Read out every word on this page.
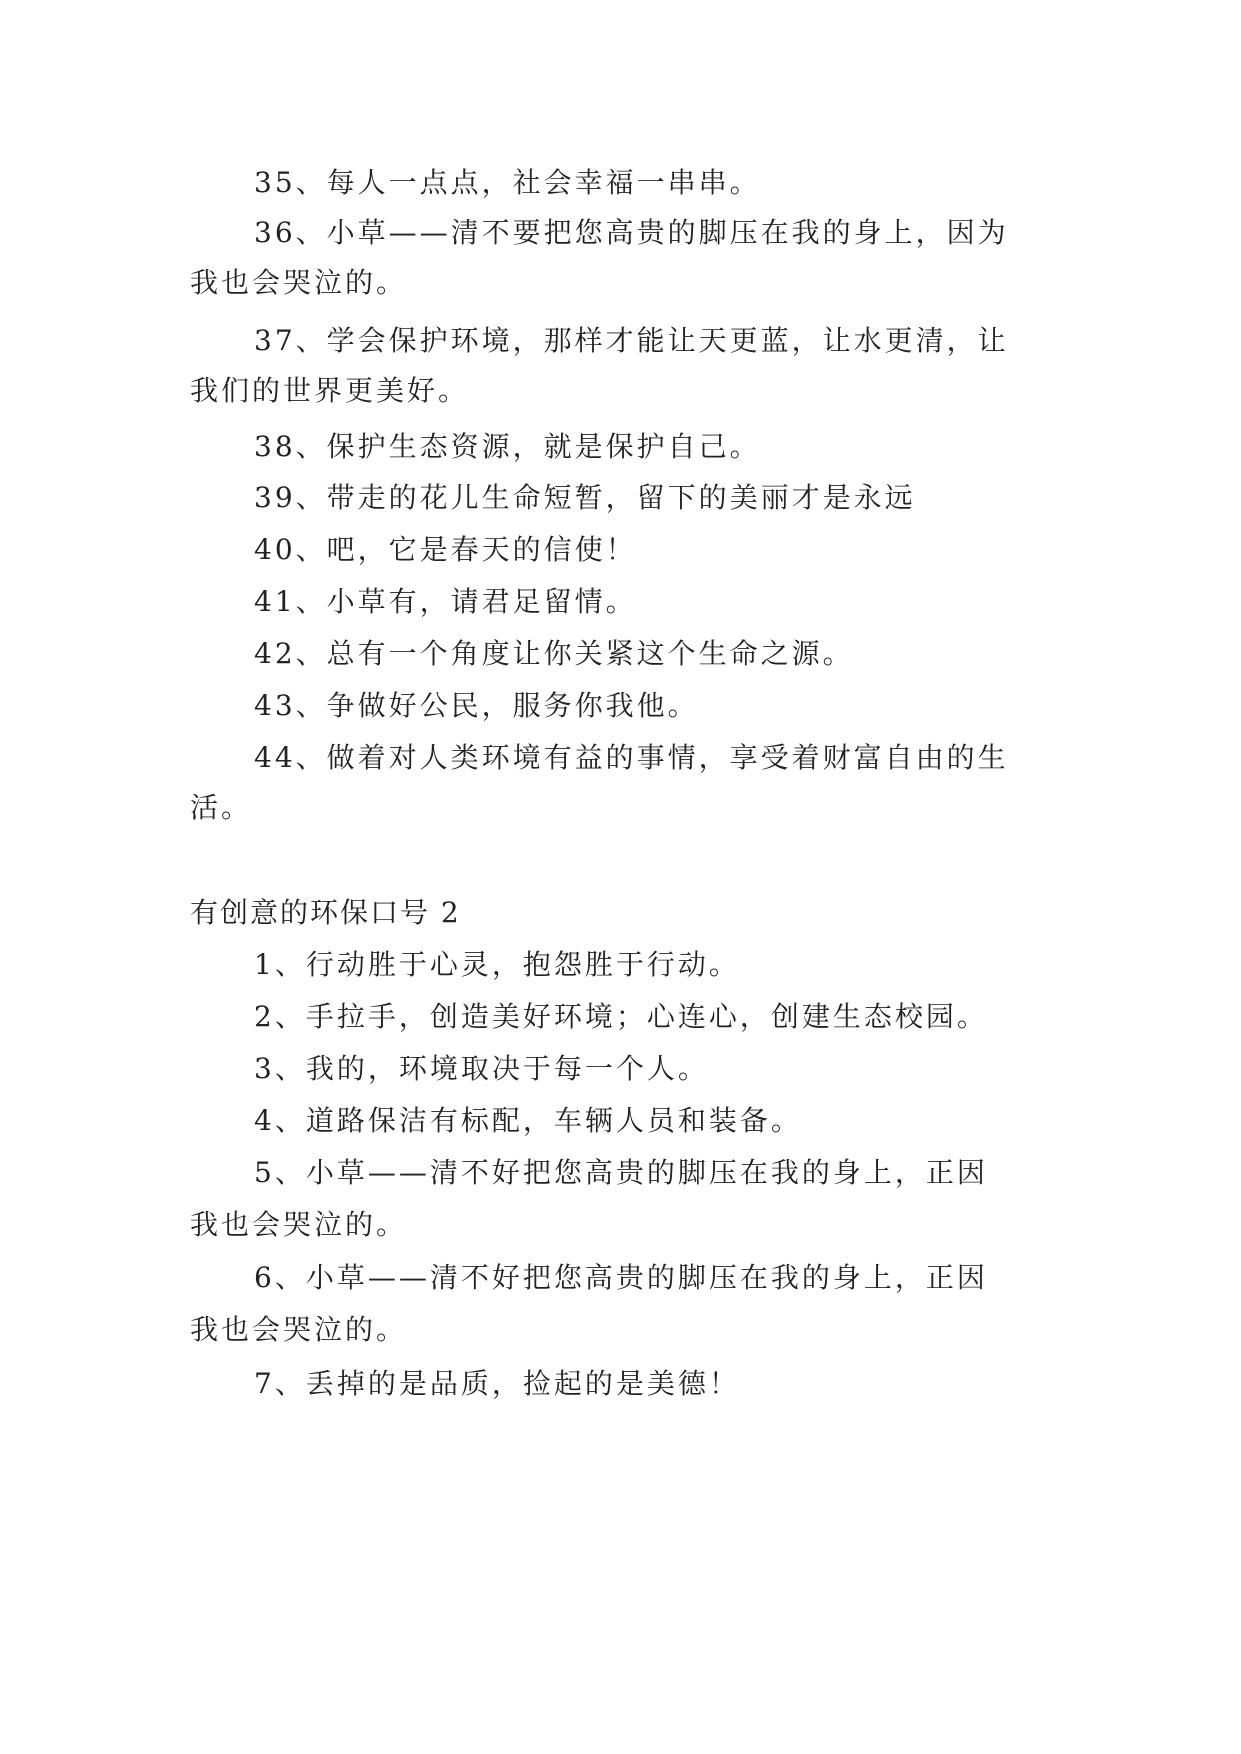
35、每人一点点，社会幸福一串串。
36、小草——清不要把您高贵的脚压在我的身上，因为
我也会哭泣的。
37、学会保护环境，那样才能让天更蓝，让水更清，让
我们的世界更美好。
38、保护生态资源，就是保护自己。
39、带走的花儿生命短暂，留下的美丽才是永远
40、吧，它是春天的信使！
41、小草有，请君足留情。
42、总有一个角度让你关紧这个生命之源。
43、争做好公民，服务你我他。
44、做着对人类环境有益的事情，享受着财富自由的生
活。
有创意的环保口号 2
1、行动胜于心灵，抱怨胜于行动。
2、手拉手，创造美好环境；心连心，创建生态校园。
3、我的，环境取决于每一个人。
4、道路保洁有标配，车辆人员和装备。
5、小草——清不好把您高贵的脚压在我的身上，正因
我也会哭泣的。
6、小草——清不好把您高贵的脚压在我的身上，正因
我也会哭泣的。
7、丢掉的是品质，捡起的是美德！
